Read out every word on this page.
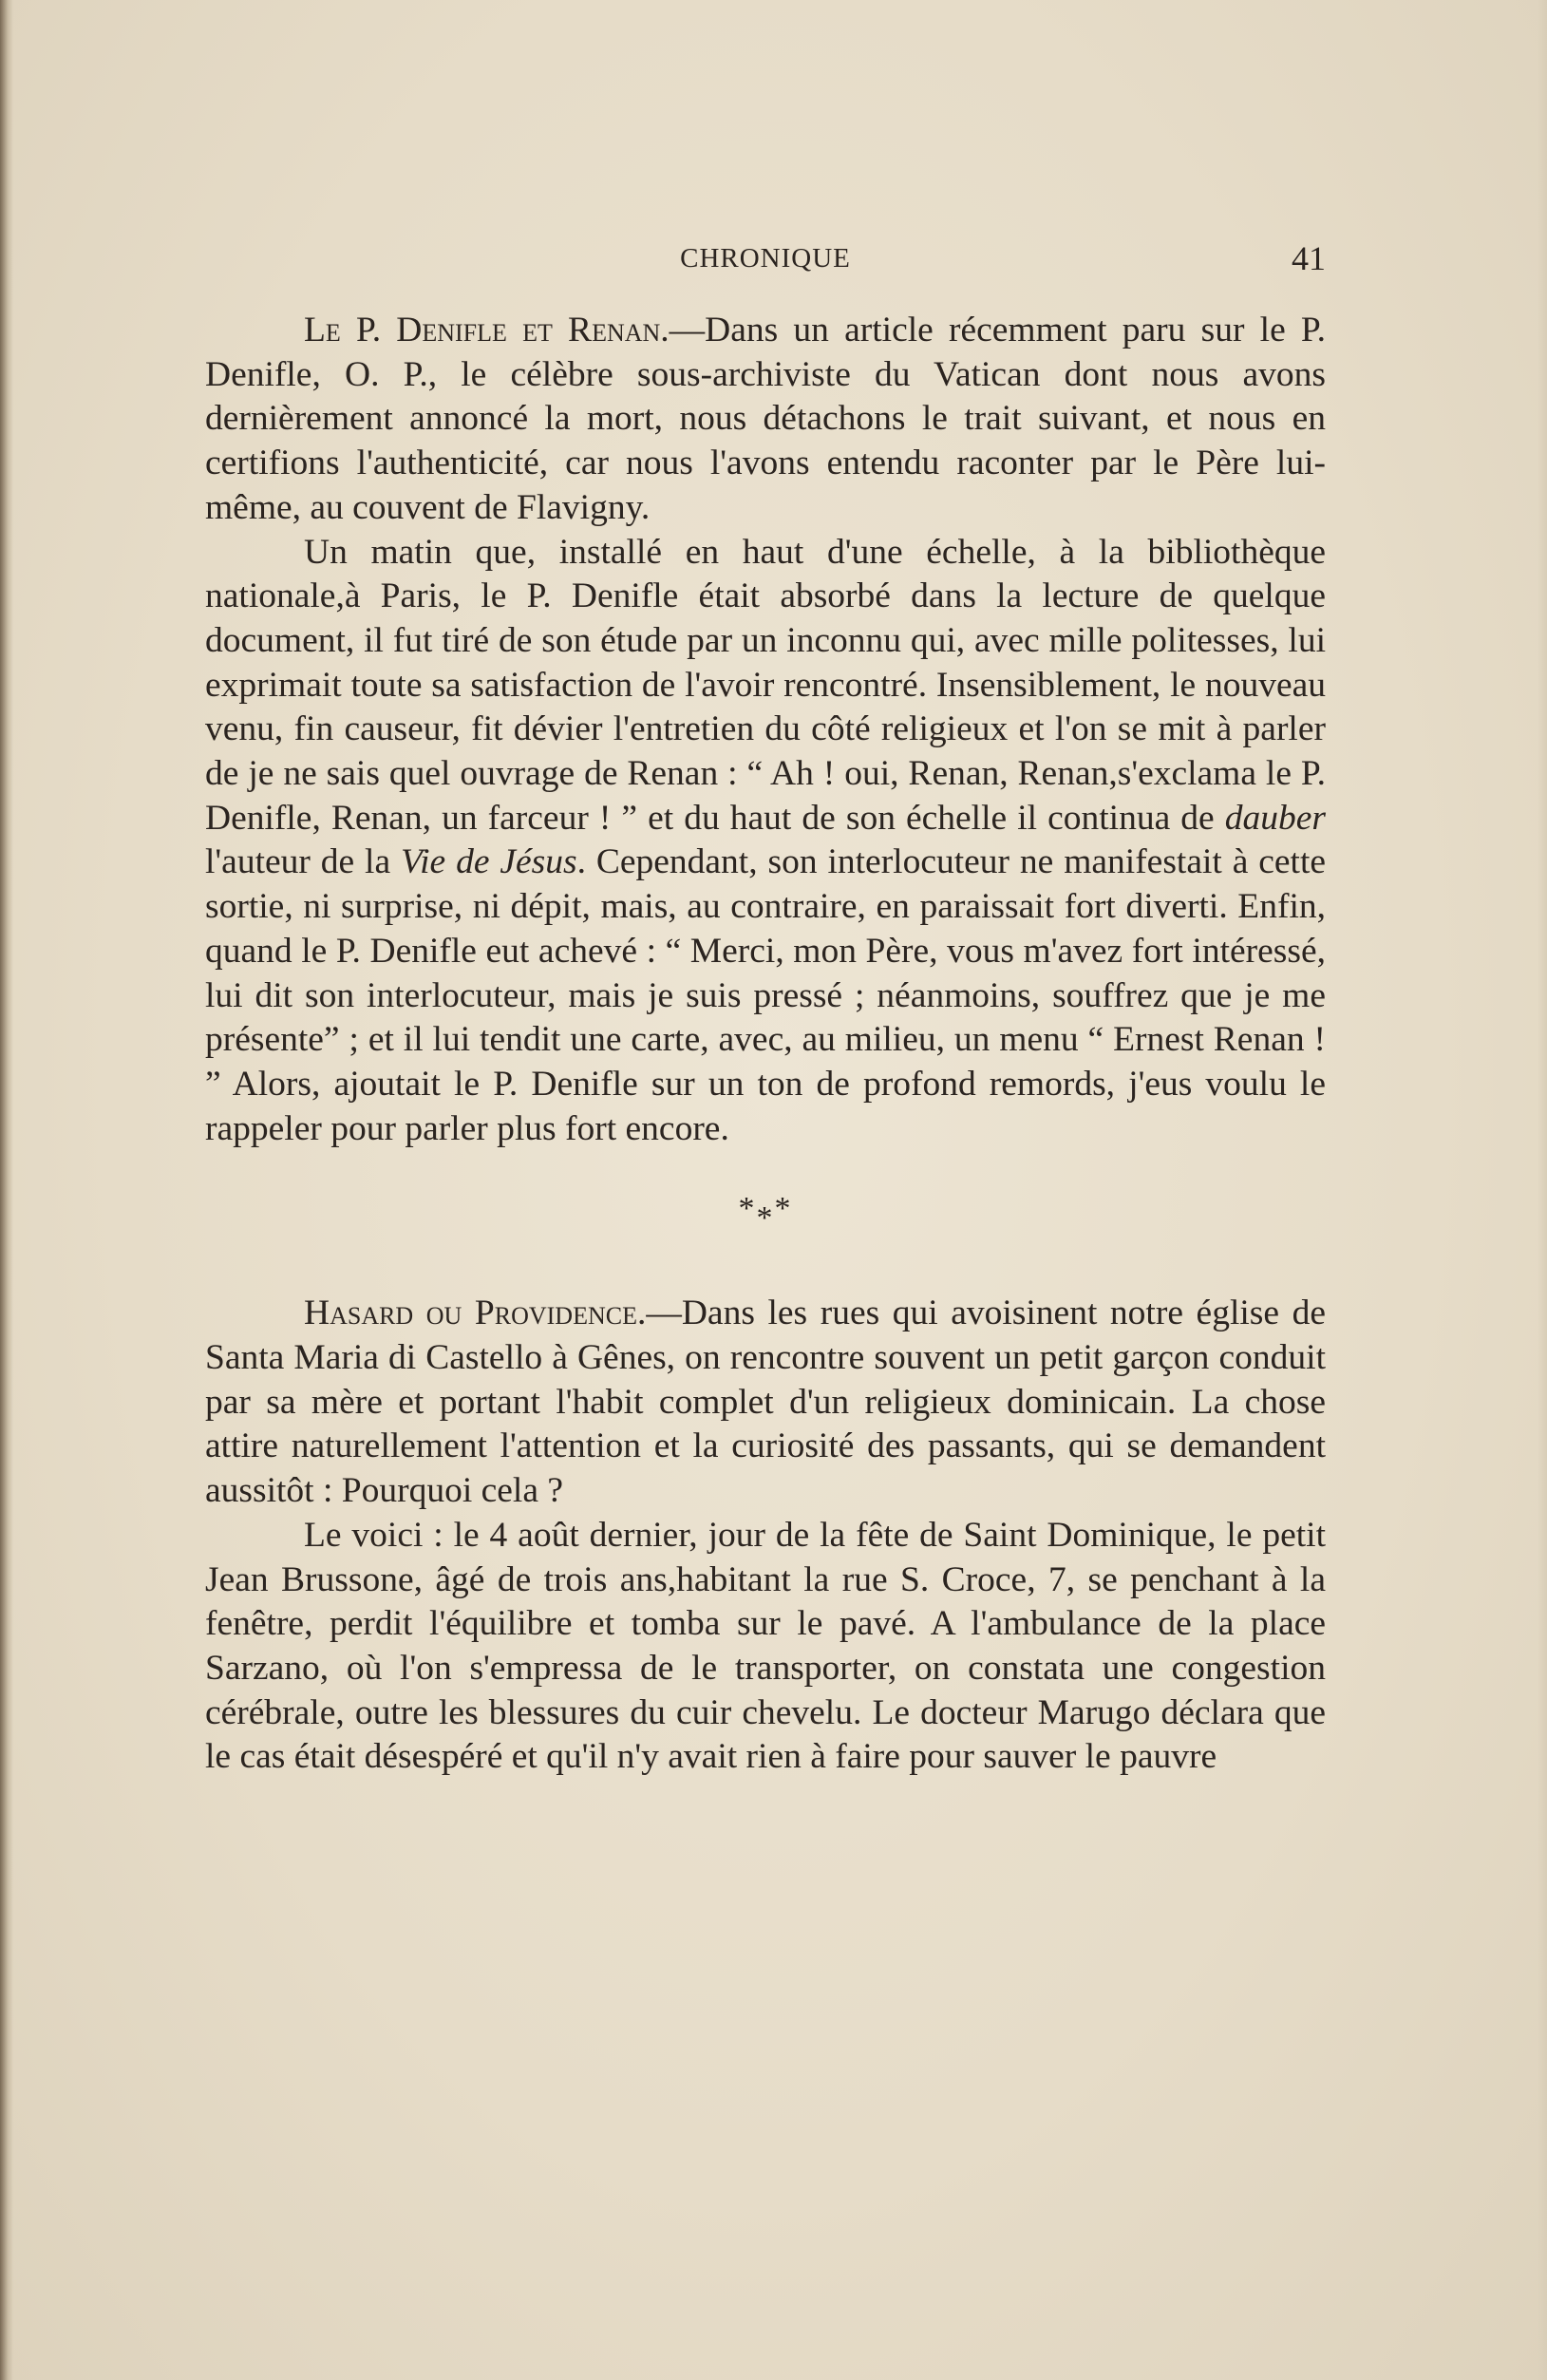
CHRONIQUE	41

Le P. Denifle et Renan.—Dans un article récemment paru sur le P. Denifle, O. P., le célèbre sous-archiviste du Vatican dont nous avons dernièrement annoncé la mort, nous détachons le trait suivant, et nous en certifions l'authenticité, car nous l'avons entendu raconter par le Père lui-même, au couvent de Flavigny.

Un matin que, installé en haut d'une échelle, à la bibliothèque nationale,à Paris, le P. Denifle était absorbé dans la lecture de quelque document, il fut tiré de son étude par un inconnu qui, avec mille politesses, lui exprimait toute sa satisfaction de l'avoir rencontré. Insensiblement, le nouveau venu, fin causeur, fit dévier l'entretien du côté religieux et l'on se mit à parler de je ne sais quel ouvrage de Renan : “ Ah ! oui, Renan, Renan,s'exclama le P. Denifle, Renan, un farceur ! ” et du haut de son échelle il continua de dauber l'auteur de la Vie de Jésus. Cependant, son interlocuteur ne manifestait à cette sortie, ni surprise, ni dépit, mais, au contraire, en paraissait fort diverti. Enfin, quand le P. Denifle eut achevé : “ Merci, mon Père, vous m'avez fort intéressé, lui dit son interlocuteur, mais je suis pressé ; néanmoins, souffrez que je me présente” ; et il lui tendit une carte, avec, au milieu, un menu “ Ernest Renan ! ” Alors, ajoutait le P. Denifle sur un ton de profond remords, j'eus voulu le rappeler pour parler plus fort encore.

***

Hasard ou Providence.—Dans les rues qui avoisinent notre église de Santa Maria di Castello à Gênes, on rencontre souvent un petit garçon conduit par sa mère et portant l'habit complet d'un religieux dominicain. La chose attire naturellement l'attention et la curiosité des passants, qui se demandent aussitôt : Pourquoi cela ?

Le voici : le 4 août dernier, jour de la fête de Saint Dominique, le petit Jean Brussone, âgé de trois ans,habitant la rue S. Croce, 7, se penchant à la fenêtre, perdit l'équilibre et tomba sur le pavé. A l'ambulance de la place Sarzano, où l'on s'empressa de le transporter, on constata une congestion cérébrale, outre les blessures du cuir chevelu. Le docteur Marugo déclara que le cas était désespéré et qu'il n'y avait rien à faire pour sauver le pauvre
